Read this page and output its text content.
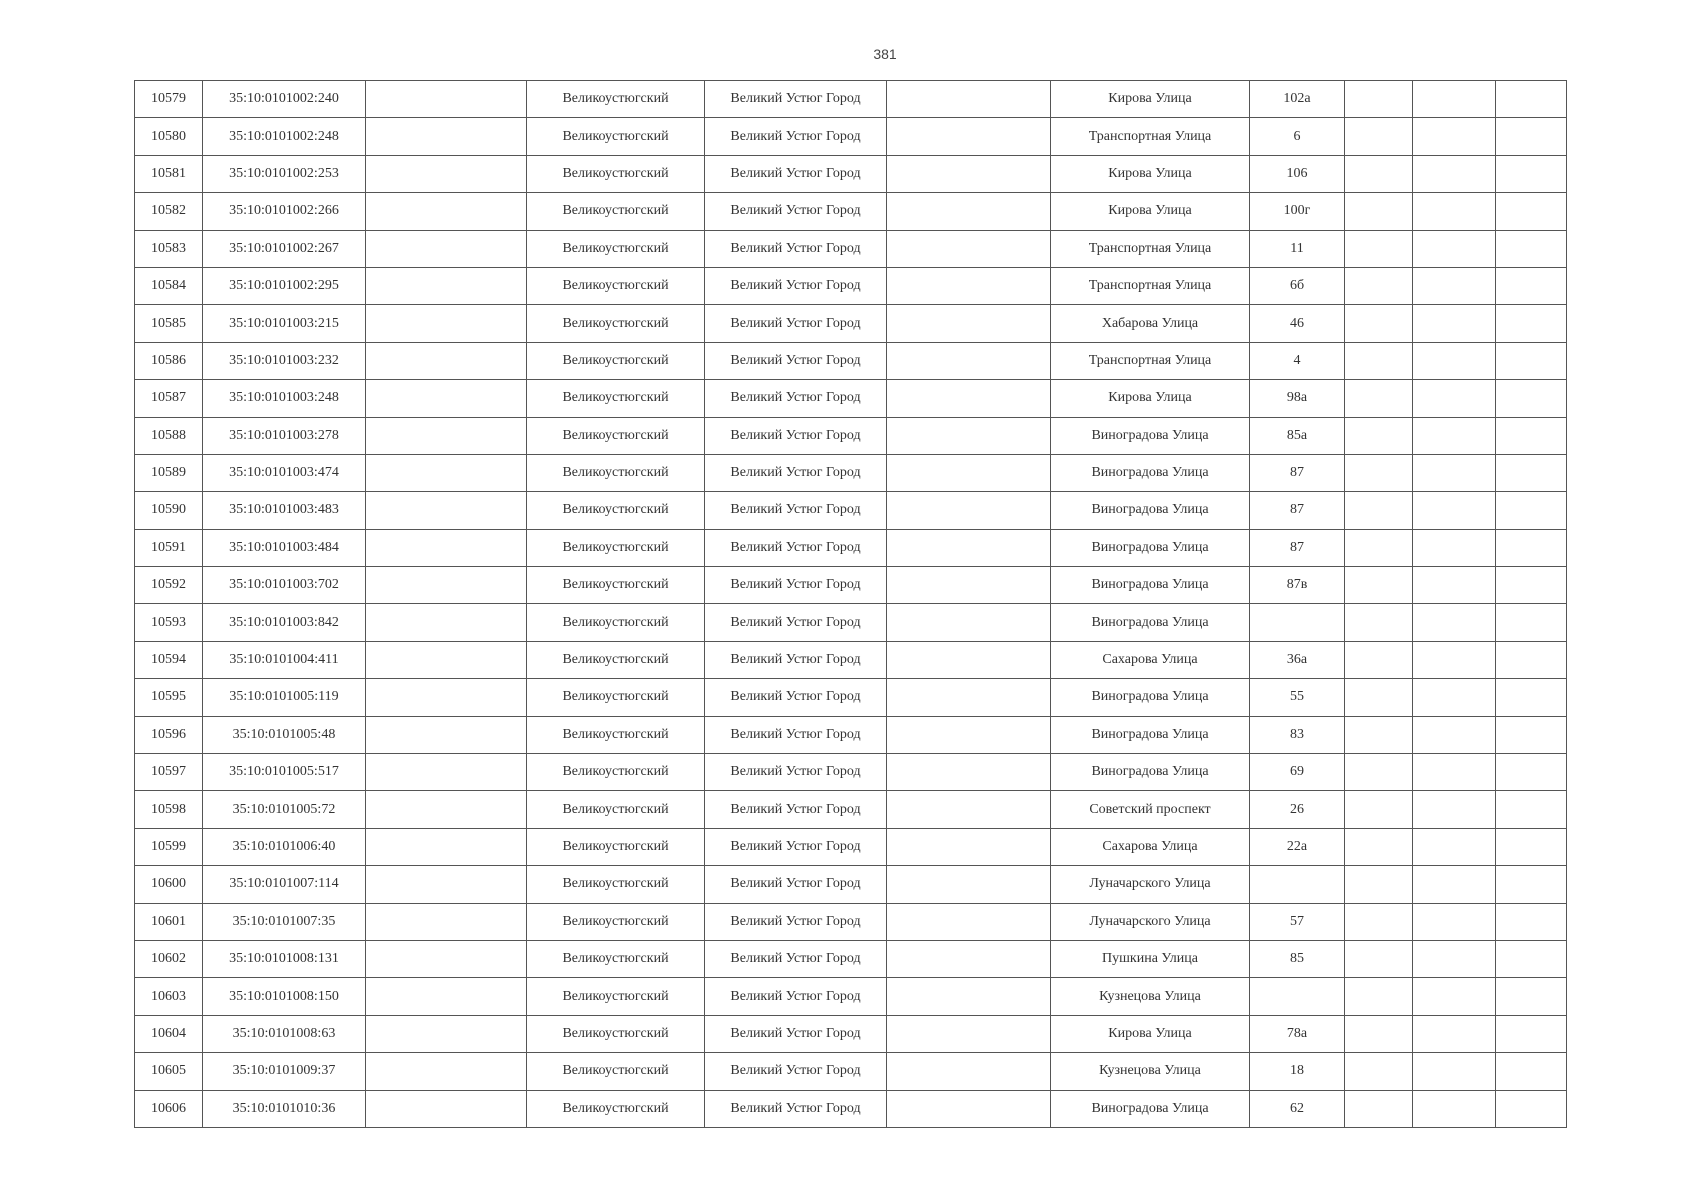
381
10579	35:10:0101002:240		Великоустюгский	Великий Устюг Город		Кирова Улица	102а			
10580	35:10:0101002:248		Великоустюгский	Великий Устюг Город		Транспортная Улица	6			
10581	35:10:0101002:253		Великоустюгский	Великий Устюг Город		Кирова Улица	106			
10582	35:10:0101002:266		Великоустюгский	Великий Устюг Город		Кирова Улица	100г			
10583	35:10:0101002:267		Великоустюгский	Великий Устюг Город		Транспортная Улица	11			
10584	35:10:0101002:295		Великоустюгский	Великий Устюг Город		Транспортная Улица	6б			
10585	35:10:0101003:215		Великоустюгский	Великий Устюг Город		Хабарова Улица	46			
10586	35:10:0101003:232		Великоустюгский	Великий Устюг Город		Транспортная Улица	4			
10587	35:10:0101003:248		Великоустюгский	Великий Устюг Город		Кирова Улица	98а			
10588	35:10:0101003:278		Великоустюгский	Великий Устюг Город		Виноградова Улица	85а			
10589	35:10:0101003:474		Великоустюгский	Великий Устюг Город		Виноградова Улица	87			
10590	35:10:0101003:483		Великоустюгский	Великий Устюг Город		Виноградова Улица	87			
10591	35:10:0101003:484		Великоустюгский	Великий Устюг Город		Виноградова Улица	87			
10592	35:10:0101003:702		Великоустюгский	Великий Устюг Город		Виноградова Улица	87в			
10593	35:10:0101003:842		Великоустюгский	Великий Устюг Город		Виноградова Улица				
10594	35:10:0101004:411		Великоустюгский	Великий Устюг Город		Сахарова Улица	36а			
10595	35:10:0101005:119		Великоустюгский	Великий Устюг Город		Виноградова Улица	55			
10596	35:10:0101005:48		Великоустюгский	Великий Устюг Город		Виноградова Улица	83			
10597	35:10:0101005:517		Великоустюгский	Великий Устюг Город		Виноградова Улица	69			
10598	35:10:0101005:72		Великоустюгский	Великий Устюг Город		Советский проспект	26			
10599	35:10:0101006:40		Великоустюгский	Великий Устюг Город		Сахарова Улица	22а			
10600	35:10:0101007:114		Великоустюгский	Великий Устюг Город		Луначарского Улица				
10601	35:10:0101007:35		Великоустюгский	Великий Устюг Город		Луначарского Улица	57			
10602	35:10:0101008:131		Великоустюгский	Великий Устюг Город		Пушкина Улица	85			
10603	35:10:0101008:150		Великоустюгский	Великий Устюг Город		Кузнецова Улица				
10604	35:10:0101008:63		Великоустюгский	Великий Устюг Город		Кирова Улица	78а			
10605	35:10:0101009:37		Великоустюгский	Великий Устюг Город		Кузнецова Улица	18			
10606	35:10:0101010:36		Великоустюгский	Великий Устюг Город		Виноградова Улица	62			
